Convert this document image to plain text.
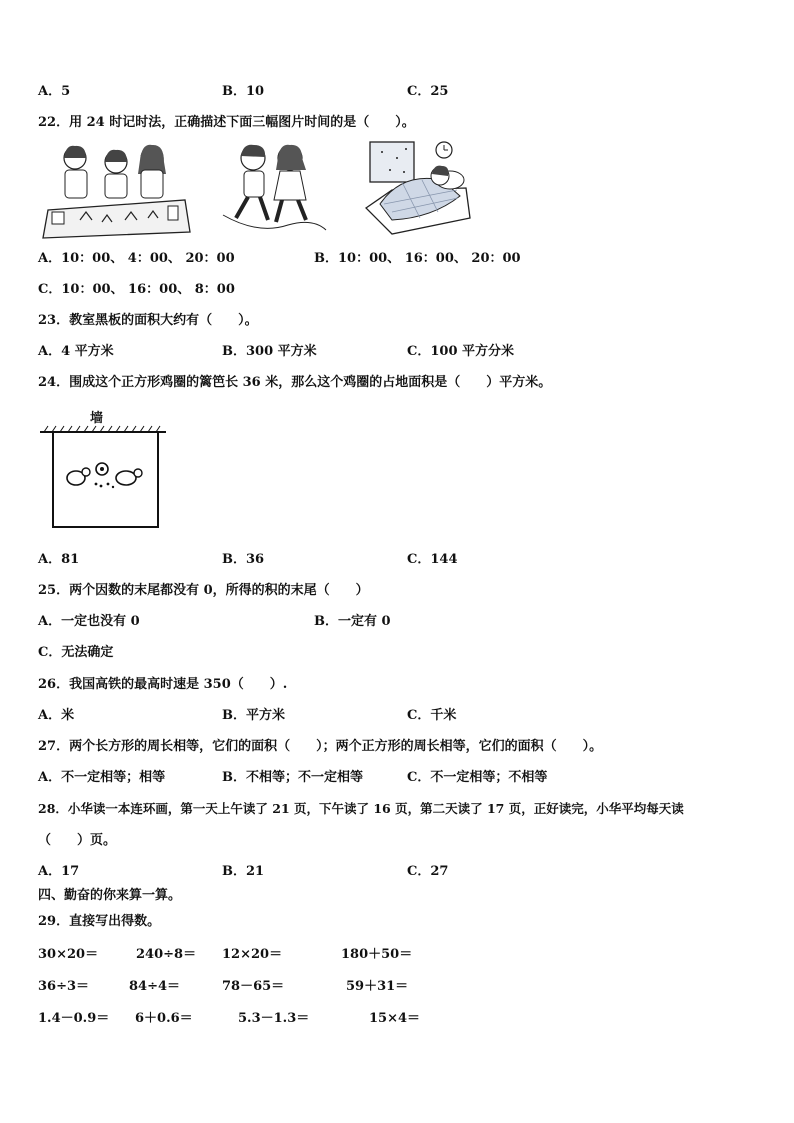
A．5	B．10	C．25
22．用 24 时记时法，正确描述下面三幅图片时间的是（　　）。
A．10：00、 4：00、 20：00	B．10：00、 16：00、 20：00
C．10：00、 16：00、 8：00
23．教室黑板的面积大约有（　　）。
A．4 平方米	B．300 平方米	C．100 平方分米
24．围成这个正方形鸡圈的篱笆长 36 米，那么这个鸡圈的占地面积是（　　）平方米。
墙
A．81	B．36	C．144
25．两个因数的末尾都没有 0，所得的积的末尾（　　）
A．一定也没有 0	B．一定有 0
C．无法确定
26．我国高铁的最高时速是 350（　　）.
A．米	B．平方米	C．千米
27．两个长方形的周长相等，它们的面积（　　）；两个正方形的周长相等，它们的面积（　　）。
A．不一定相等；相等	B．不相等；不一定相等	C．不一定相等；不相等
28．小华读一本连环画，第一天上午读了 21 页，下午读了 16 页，第二天读了 17 页，正好读完，小华平均每天读
（　　）页。
A．17	B．21	C．27
四、勤奋的你来算一算。
29．直接写出得数。
30×20＝	240÷8＝ 12×20＝	180＋50＝
36÷3＝	84÷4＝	78－65＝	59＋31＝
1.4－0.9＝ 6＋0.6＝	5.3－1.3＝	15×4＝
